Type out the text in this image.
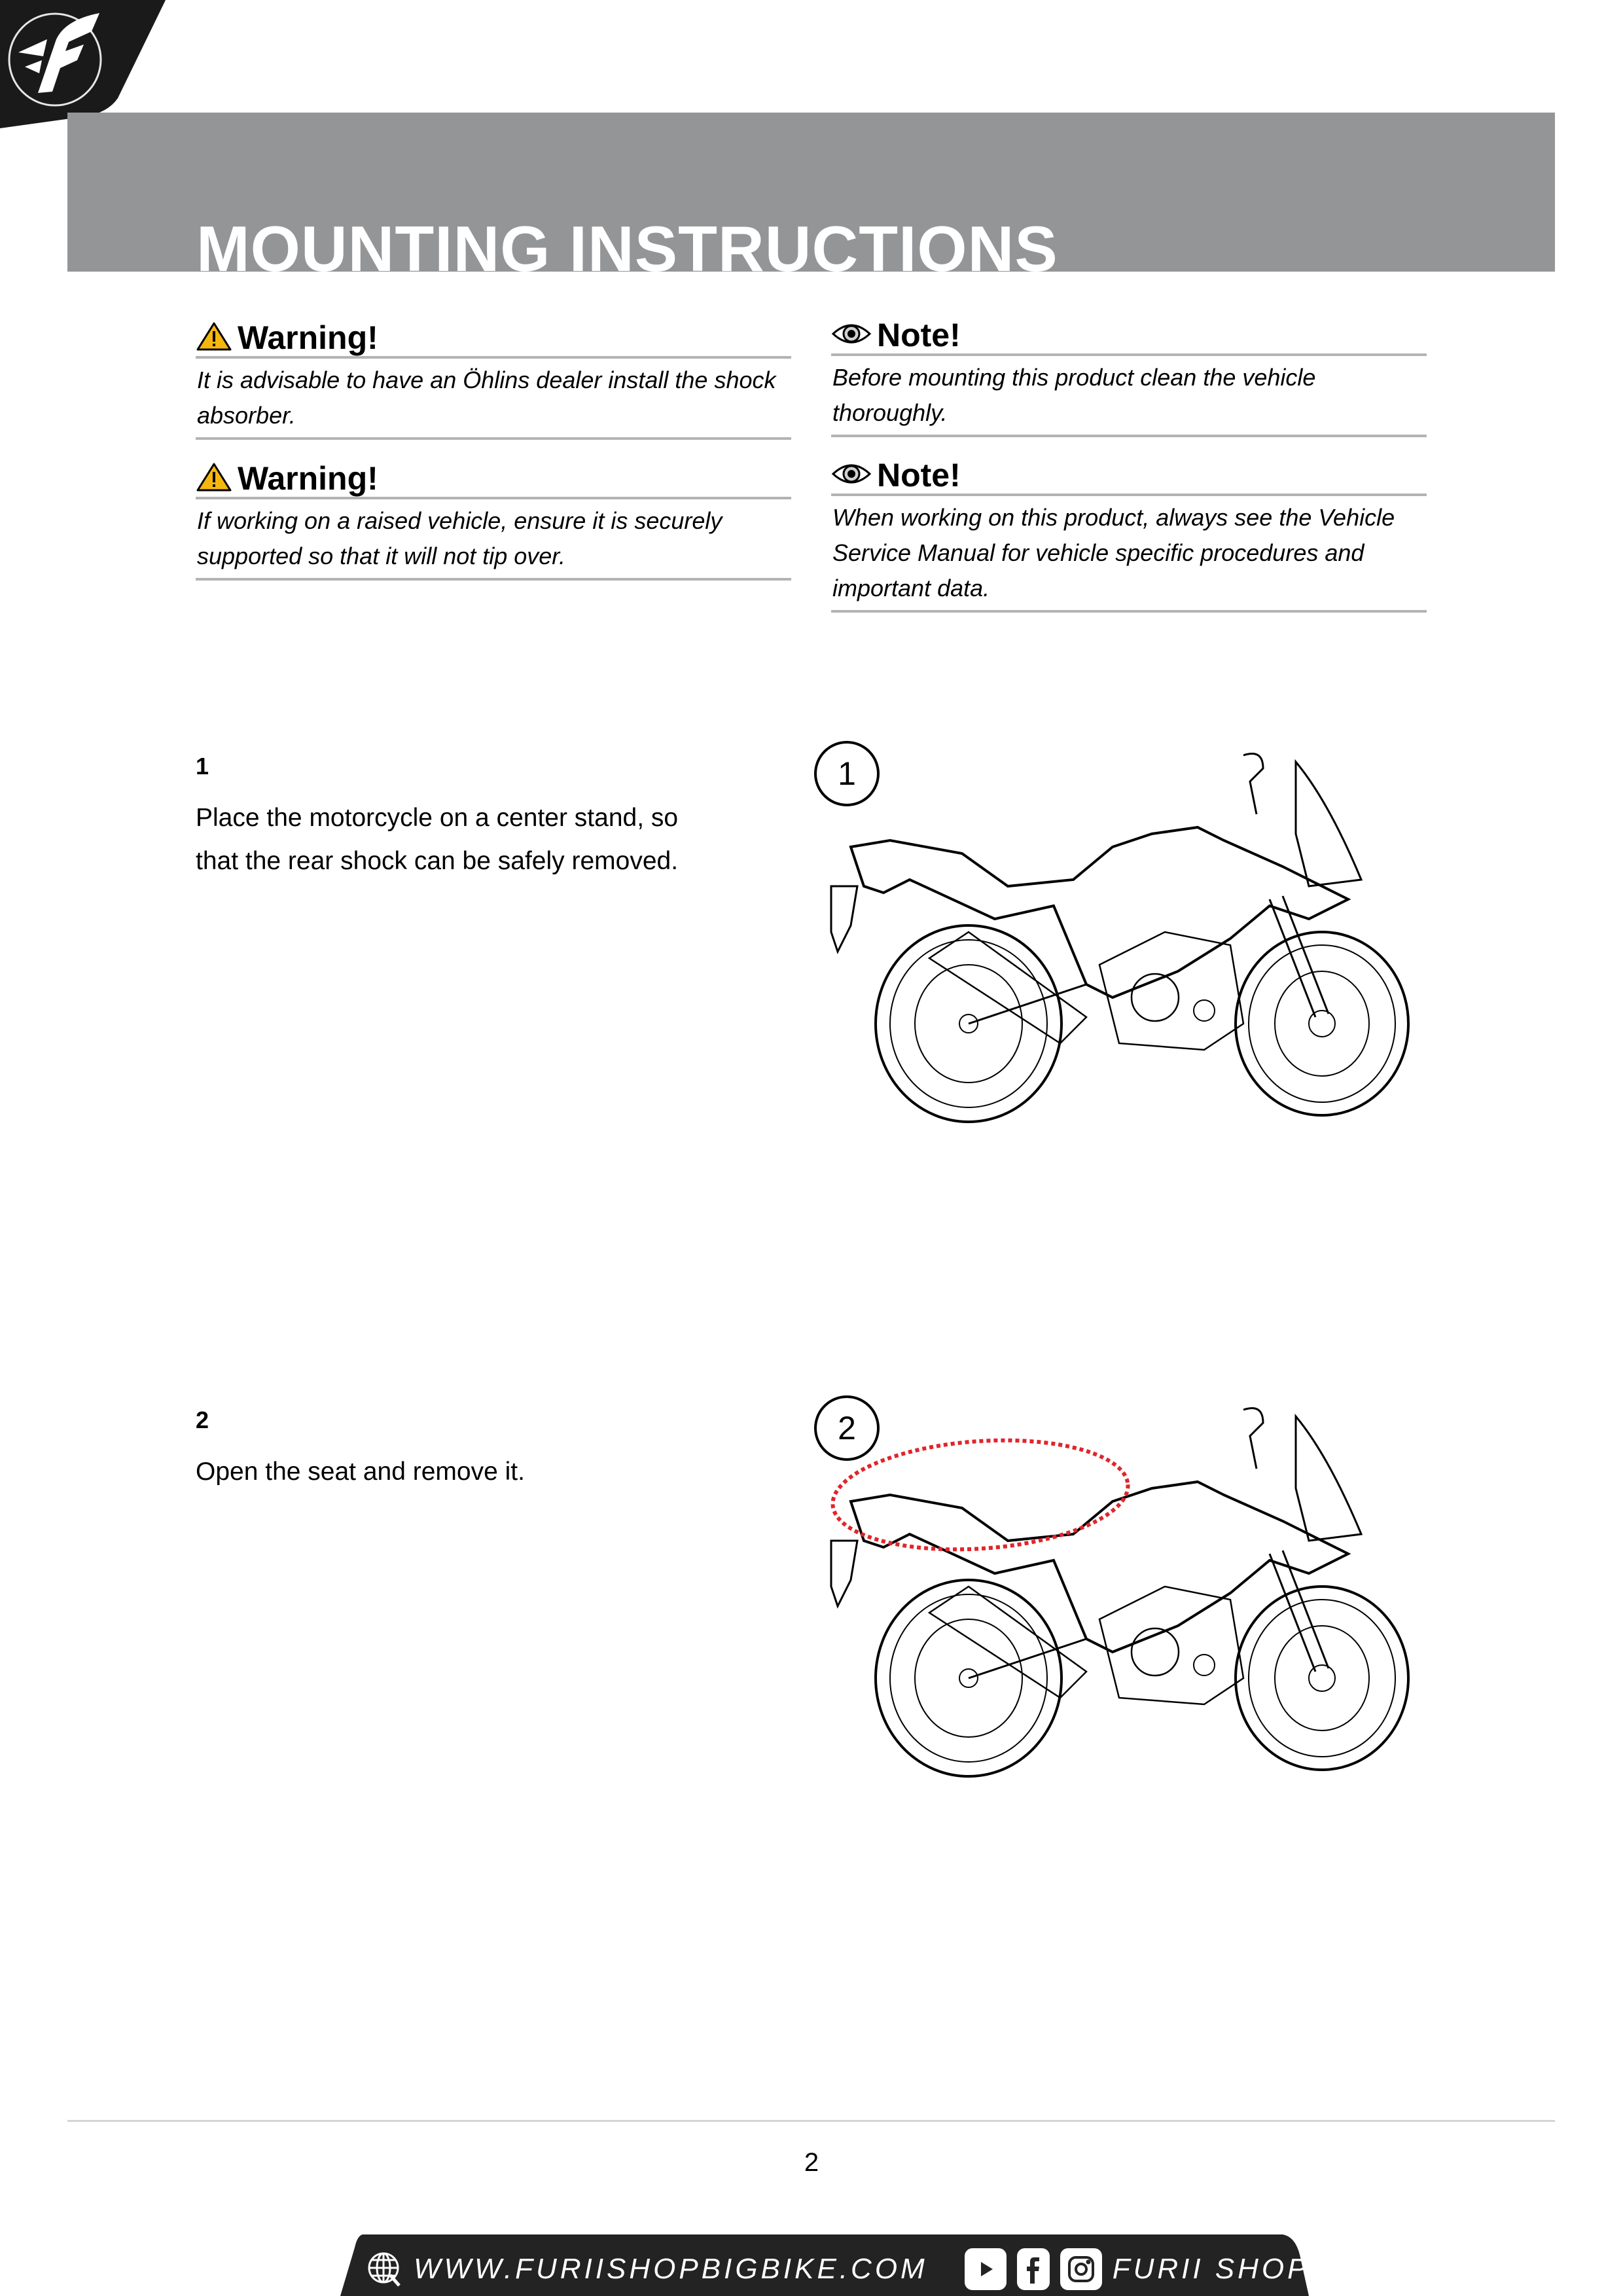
MOUNTING INSTRUCTIONS
Warning!
It is advisable to have an Öhlins dealer install the shock
absorber.
Warning!
If working on a raised vehicle, ensure it is securely
supported so that it will not tip over.
Note!
Before mounting this product clean the vehicle
thoroughly.
Note!
When working on this product, always see the Vehicle
Service Manual for vehicle specific procedures and
important data.
1
Place the motorcycle on a center stand, so
that the rear shock can be safely removed.
1
2
Open the seat and remove it.
2
2
WWW.FURIISHOPBIGBIKE.COM	FURII SHOP
